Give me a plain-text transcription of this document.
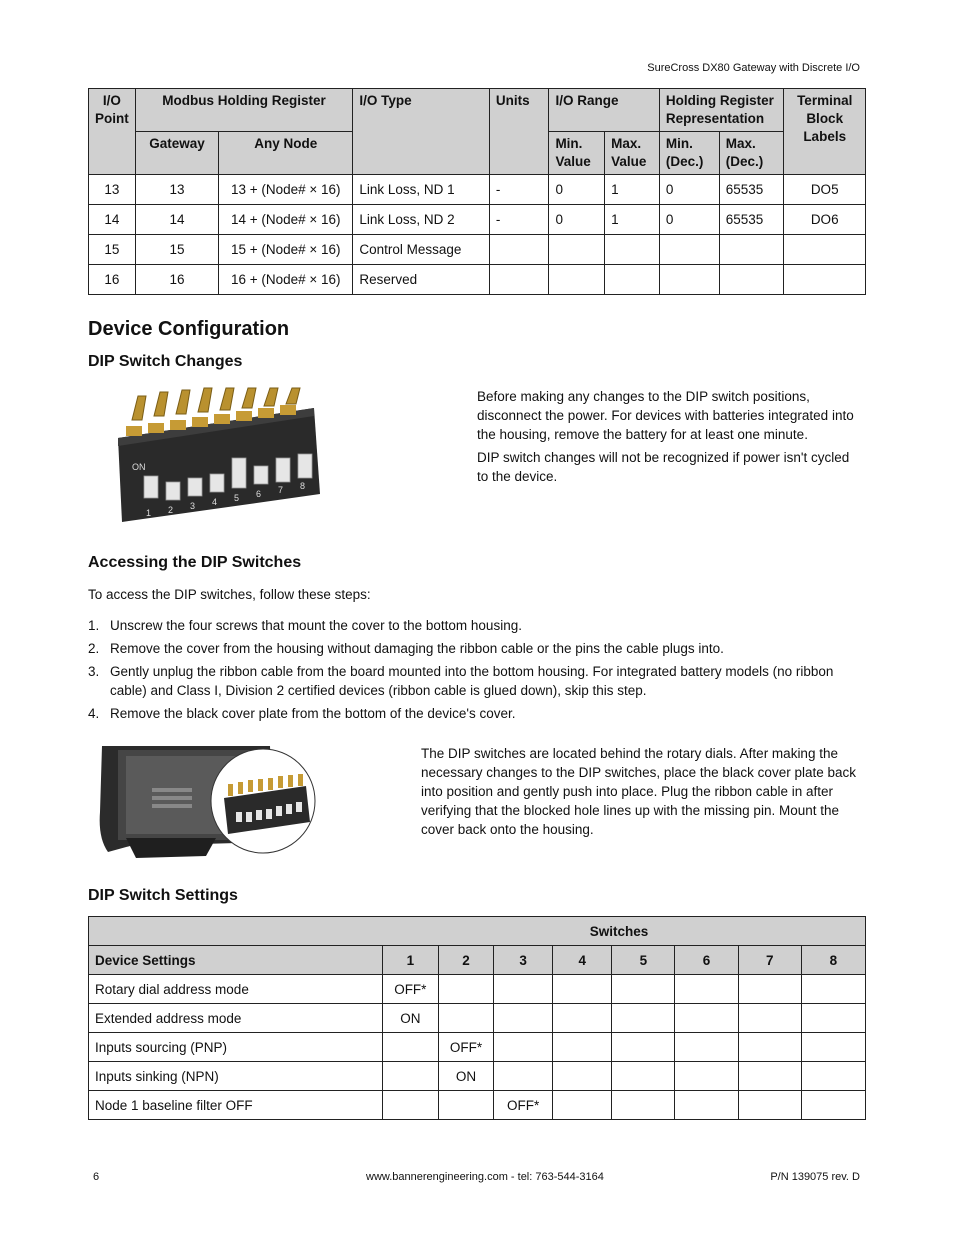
SureCross DX80 Gateway with Discrete I/O
I/O Point	Modbus Holding Register		I/O Type	Units	I/O Range		Holding Register Representation		Terminal Block Labels
	Gateway	Any Node			Min. Value	Max. Value	Min. (Dec.)	Max. (Dec.)	
13	13	13 + (Node# × 16)	Link Loss, ND 1	-	0	1	0	65535	DO5
14	14	14 + (Node# × 16)	Link Loss, ND 2	-	0	1	0	65535	DO6
15	15	15 + (Node# × 16)	Control Message						
16	16	16 + (Node# × 16)	Reserved						
Device Configuration
DIP Switch Changes
ON
1 2 3 4 5 6 7 8

Before making any changes to the DIP switch positions, disconnect the power. For devices with batteries integrated into the housing, remove the battery for at least one minute.

DIP switch changes will not be recognized if power isn't cycled to the device.

Accessing the DIP Switches

To access the DIP switches, follow these steps:

1. Unscrew the four screws that mount the cover to the bottom housing.
2. Remove the cover from the housing without damaging the ribbon cable or the pins the cable plugs into.
3. Gently unplug the ribbon cable from the board mounted into the bottom housing. For integrated battery models (no ribbon cable) and Class I, Division 2 certified devices (ribbon cable is glued down), skip this step.
4. Remove the black cover plate from the bottom of the device's cover.

The DIP switches are located behind the rotary dials. After making the necessary changes to the DIP switches, place the black cover plate back into position and gently push into place. Plug the ribbon cable in after verifying that the blocked hole lines up with the missing pin. Mount the cover back onto the housing.

DIP Switch Settings
Switches								
Device Settings	1	2	3	4	5	6	7	8
Rotary dial address mode	OFF*							
Extended address mode	ON							
Inputs sourcing (PNP)		OFF*						
Inputs sinking (NPN)		ON						
Node 1 baseline filter OFF			OFF*					
6	www.bannerengineering.com - tel: 763-544-3164	P/N 139075 rev. D
